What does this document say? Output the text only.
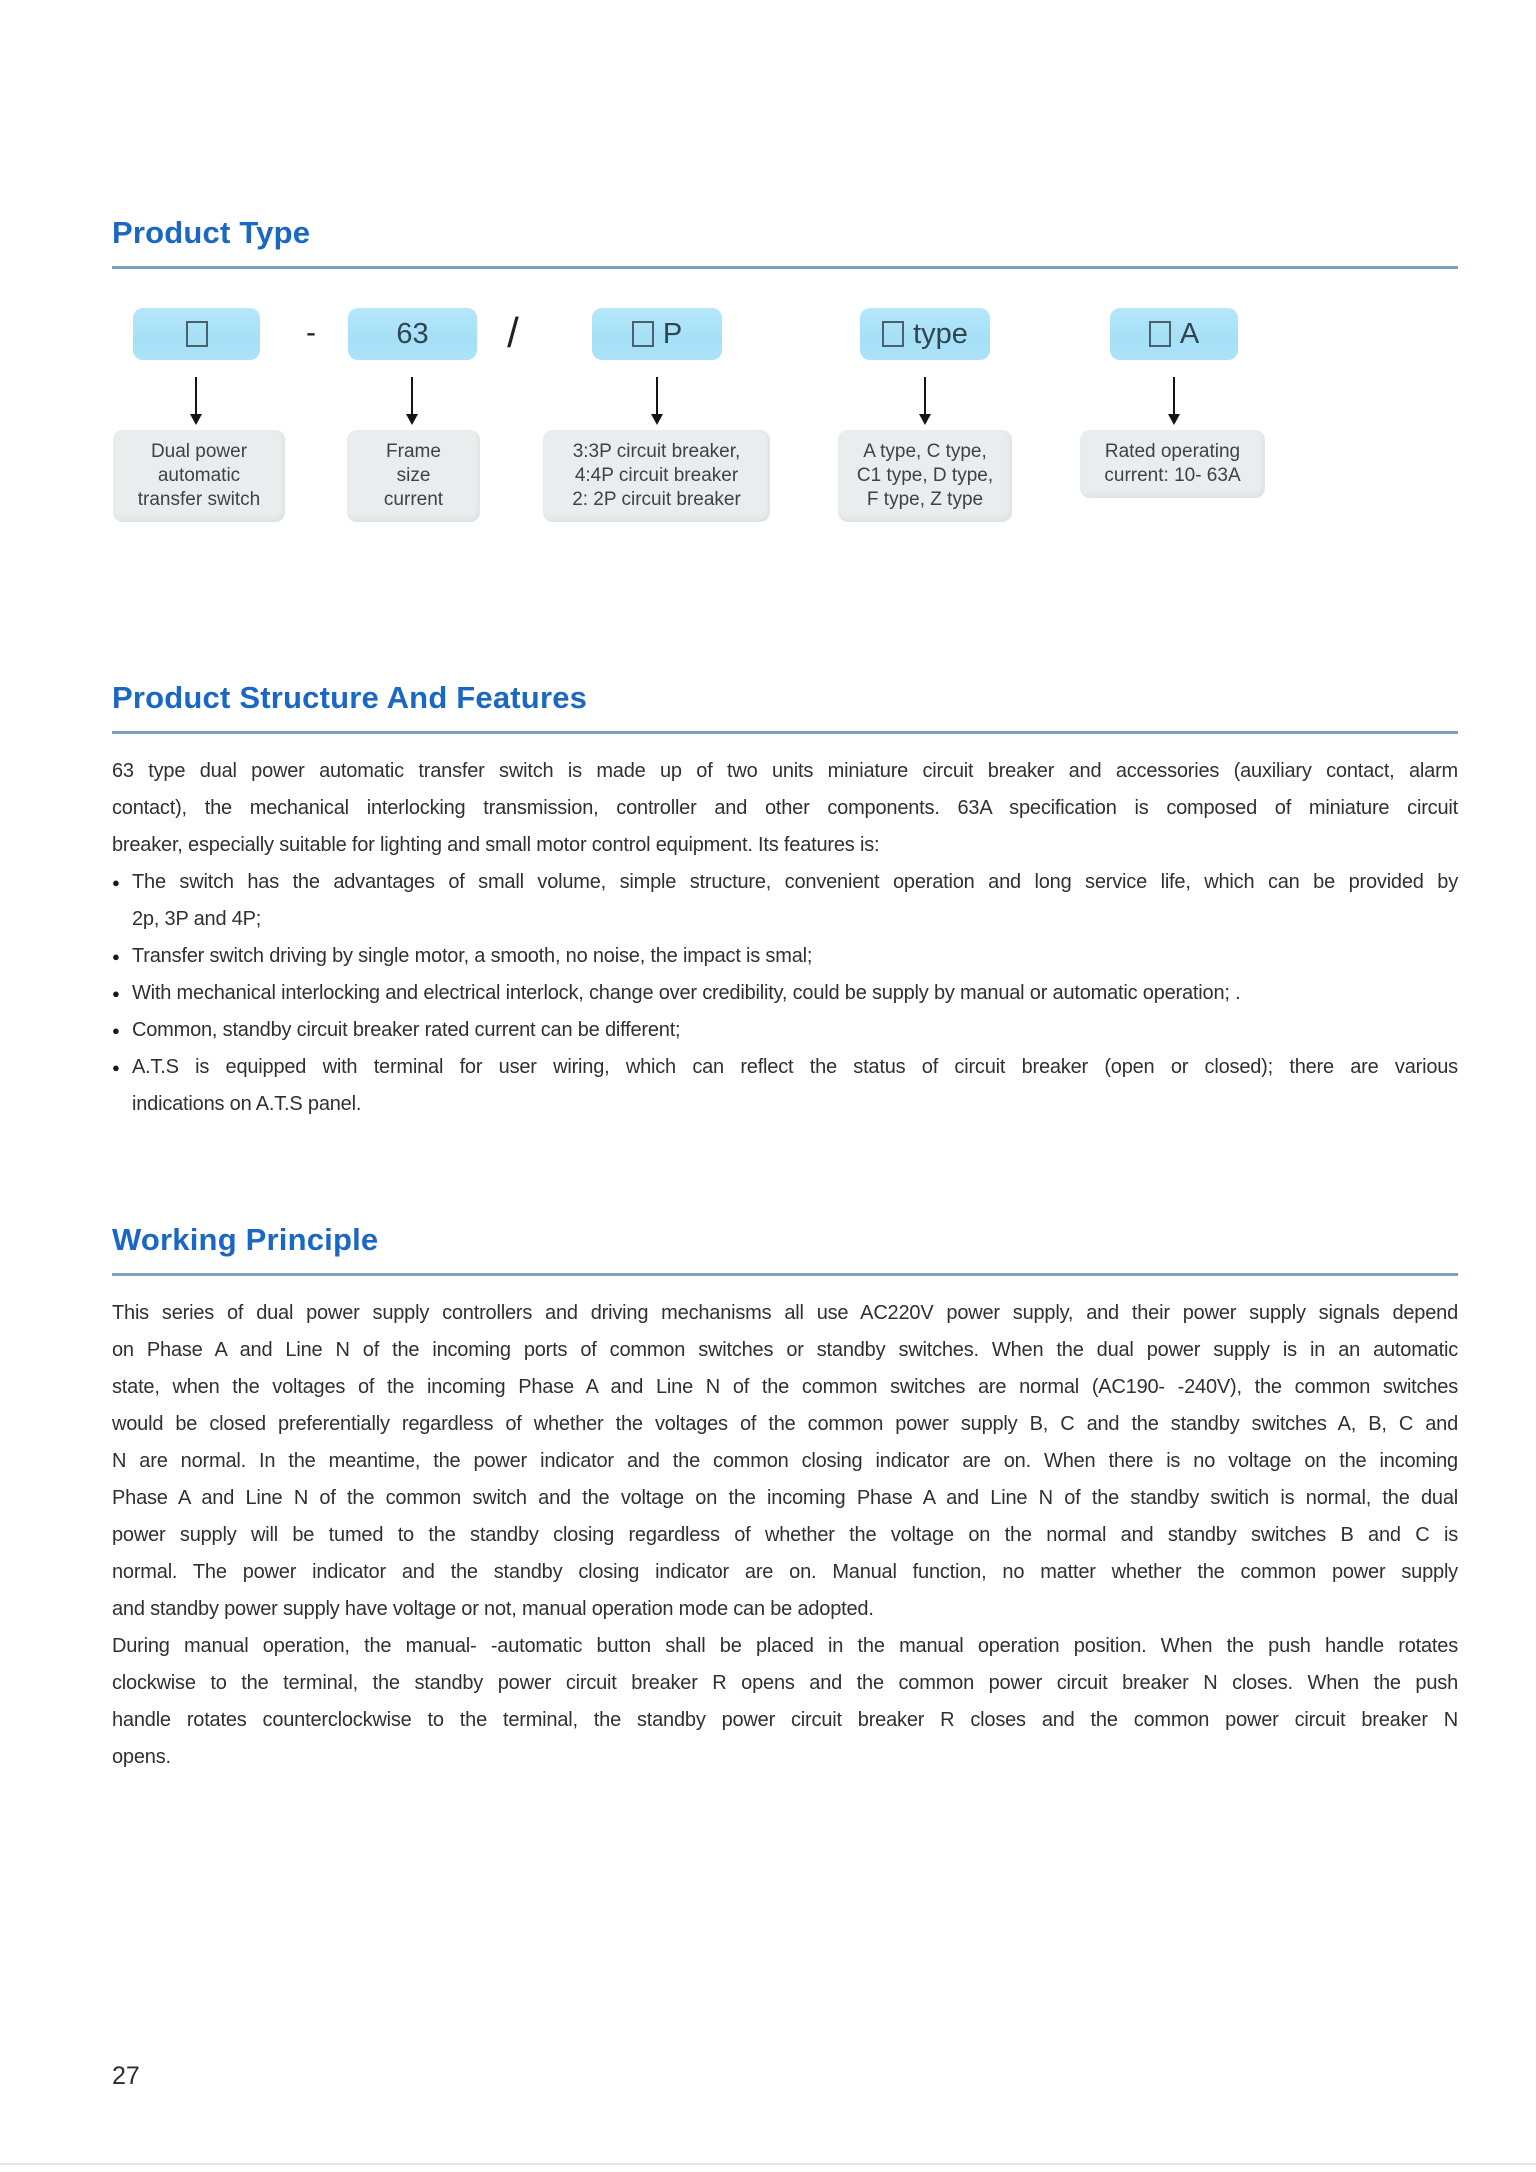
Product Type
Dual power
automatic
transfer switch
63
Frame
size
current
P
3:3P circuit breaker,
4:4P circuit breaker
2: 2P circuit breaker
type
A type, C type,
C1 type, D type,
F type, Z type
A
Rated operating
current: 10- 63A
-	/
Product Structure And Features
63 type dual power automatic transfer switch is made up of two units miniature circuit breaker and accessories (auxiliary contact, alarm
contact), the mechanical interlocking transmission, controller and other components. 63A specification is composed of miniature circuit
breaker, especially suitable for lighting and small motor control equipment. Its features is:
● The switch has the advantages of small volume, simple structure, convenient operation and long service life, which can be provided by
2p, 3P and 4P;
● Transfer switch driving by single motor, a smooth, no noise, the impact is smal;
● With mechanical interlocking and electrical interlock, change over credibility, could be supply by manual or automatic operation; .
● Common, standby circuit breaker rated current can be different;
● A.T.S is equipped with terminal for user wiring, which can reflect the status of circuit breaker (open or closed); there are various
indications on A.T.S panel.
Working Principle
This series of dual power supply controllers and driving mechanisms all use AC220V power supply, and their power supply signals depend
on Phase A and Line N of the incoming ports of common switches or standby switches. When the dual power supply is in an automatic
state, when the voltages of the incoming Phase A and Line N of the common switches are normal (AC190- -240V), the common switches
would be closed preferentially regardless of whether the voltages of the common power supply B, C and the standby switches A, B, C and
N are normal. In the meantime, the power indicator and the common closing indicator are on. When there is no voltage on the incoming
Phase A and Line N of the common switch and the voltage on the incoming Phase A and Line N of the standby switich is normal, the dual
power supply will be tumed to the standby closing regardless of whether the voltage on the normal and standby switches B and C is
normal. The power indicator and the standby closing indicator are on. Manual function, no matter whether the common power supply
and standby power supply have voltage or not, manual operation mode can be adopted.
During manual operation, the manual- -automatic button shall be placed in the manual operation position. When the push handle rotates
clockwise to the terminal, the standby power circuit breaker R opens and the common power circuit breaker N closes. When the push
handle rotates counterclockwise to the terminal, the standby power circuit breaker R closes and the common power circuit breaker N
opens.
27
